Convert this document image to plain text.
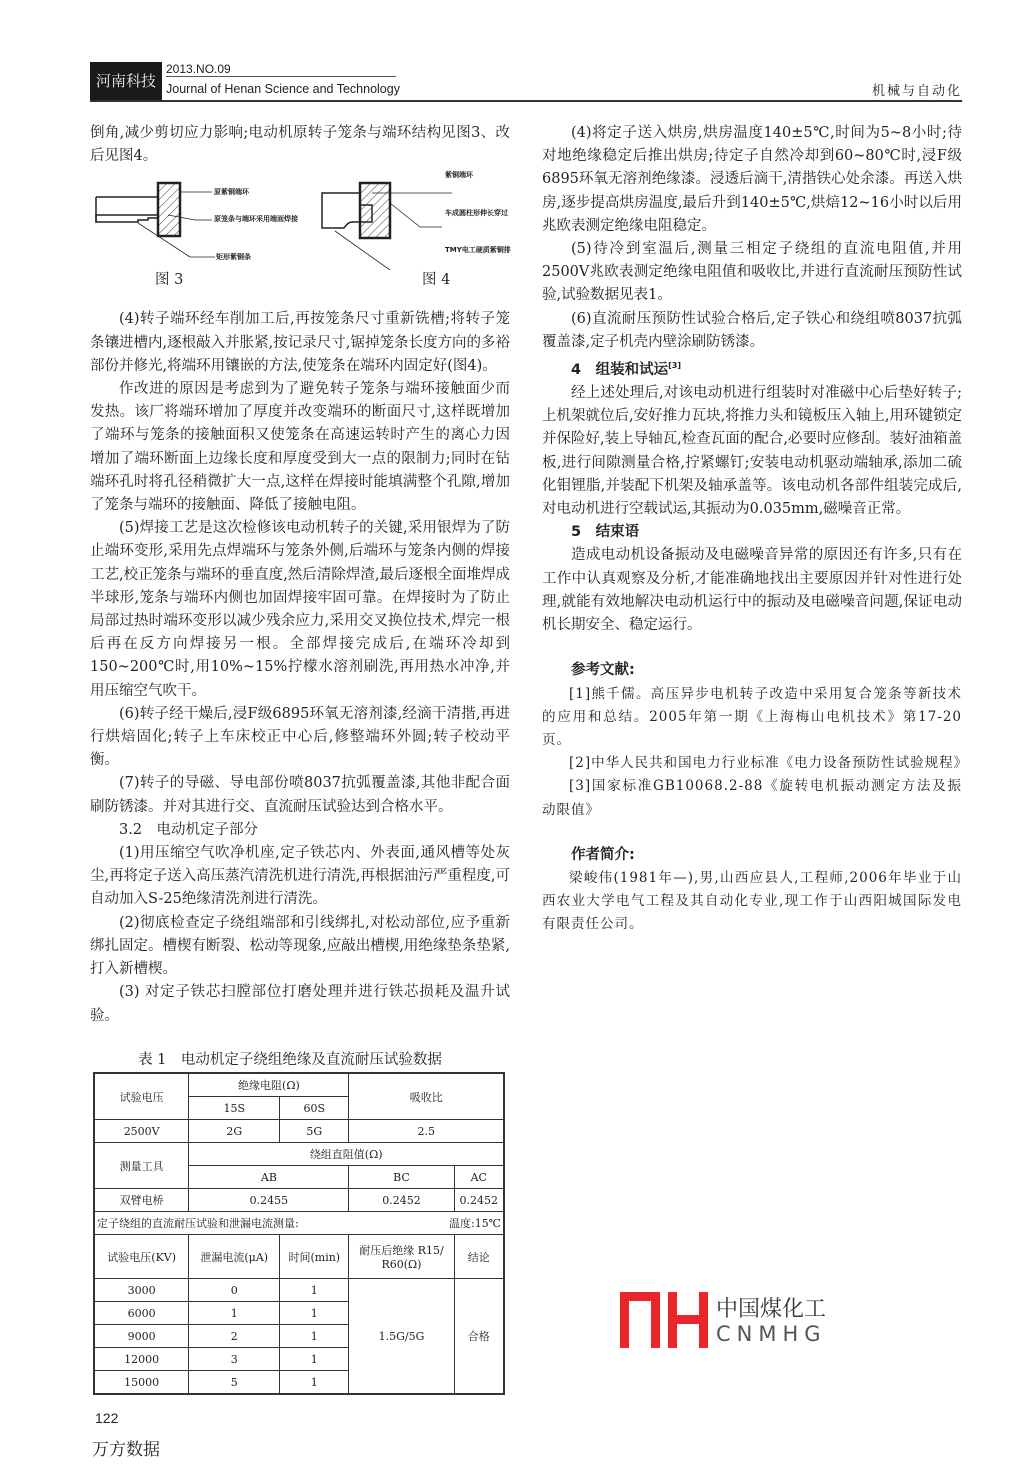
河南科技
2013.NO.09
Journal of Henan Science and Technology	机械与自动化

倒角,减少剪切应力影响;电动机原转子笼条与端环结构见图3、改后见图4。

(4)转子端环经车削加工后,再按笼条尺寸重新铣槽;将转子笼条镶进槽内,逐根敲入并胀紧,按记录尺寸,锯掉笼条长度方向的多裕部份并修光,将端环用镶嵌的方法,使笼条在端环内固定好(图4)。

作改进的原因是考虑到为了避免转子笼条与端环接触面少而发热。该厂将端环增加了厚度并改变端环的断面尺寸,这样既增加了端环与笼条的接触面积又使笼条在高速运转时产生的离心力因增加了端环断面上边缘长度和厚度受到大一点的限制力;同时在钻端环孔时将孔径稍微扩大一点,这样在焊接时能填满整个孔隙,增加了笼条与端环的接触面、降低了接触电阻。

(5)焊接工艺是这次检修该电动机转子的关键,采用银焊为了防止端环变形,采用先点焊端环与笼条外侧,后端环与笼条内侧的焊接工艺,校正笼条与端环的垂直度,然后清除焊渣,最后逐根全面堆焊成半球形,笼条与端环内侧也加固焊接牢固可靠。在焊接时为了防止局部过热时端环变形以减少残余应力,采用交叉换位技术,焊完一根后再在反方向焊接另一根。全部焊接完成后,在端环冷却到150~200℃时,用10%~15%拧檬水溶剂刷洗,再用热水冲净,并用压缩空气吹干。

(6)转子经干燥后,浸F级6895环氧无溶剂漆,经滴干清揩,再进行烘焙固化;转子上车床校正中心后,修整端环外圆;转子校动平衡。

(7)转子的导磁、导电部份喷8037抗弧覆盖漆,其他非配合面刷防锈漆。并对其进行交、直流耐压试验达到合格水平。

3.2　电动机定子部分

(1)用压缩空气吹净机座,定子铁芯内、外表面,通风槽等处灰尘,再将定子送入高压蒸汽清洗机进行清洗,再根据油污严重程度,可自动加入S-25绝缘清洗剂进行清洗。

(2)彻底检查定子绕组端部和引线绑扎,对松动部位,应予重新绑扎固定。槽楔有断裂、松动等现象,应敲出槽楔,用绝缘垫条垫紧,打入新槽楔。

(3) 对定子铁芯扫膛部位打磨处理并进行铁芯损耗及温升试验。

原紫铜端环
原笼条与端环采用端面焊接
矩形紫铜条
紫铜端环
车成圆柱形伸长穿过
TMY电工硬质紫铜排
图 3	图 4
表 1　电动机定子绕组绝缘及直流耐压试验数据
试验电压	绝缘电阻(Ω)		吸收比	
	15S	60S		
2500V	2G	5G	2.5	
测量工具	绕组直阻值(Ω)			
	AB		BC	AC
双臂电桥	0.2455		0.2452	0.2452
定子绕组的直流耐压试验和泄漏电流测量: 温度:15℃				

试验电压(KV)	泄漏电流(μA)	时间(min)	耐压后绝缘 R15/ R60(Ω)	结论
3000	0	1	1.5G/5G	合格
6000	1	1		
9000	2	1		
12000	3	1		
15000	5	1		

(4)将定子送入烘房,烘房温度140±5℃,时间为5~8小时;待对地绝缘稳定后推出烘房;待定子自然冷却到60~80℃时,浸F级6895环氧无溶剂绝缘漆。浸透后滴干,清揩铁心处余漆。再送入烘房,逐步提高烘房温度,最后升到140±5℃,烘焙12~16小时以后用兆欧表测定绝缘电阻稳定。

(5)待冷到室温后,测量三相定子绕组的直流电阻值,并用2500V兆欧表测定绝缘电阻值和吸收比,并进行直流耐压预防性试验,试验数据见表1。

(6)直流耐压预防性试验合格后,定子铁心和绕组喷8037抗弧覆盖漆,定子机壳内壁涂刷防锈漆。

4　组装和试运[3]

经上述处理后,对该电动机进行组装时对准磁中心后垫好转子;上机架就位后,安好推力瓦块,将推力头和镜板压入轴上,用环键锁定并保险好,装上导轴瓦,检查瓦面的配合,必要时应修刮。装好油箱盖板,进行间隙测量合格,拧紧螺钉;安装电动机驱动端轴承,添加二硫化钼锂脂,并装配下机架及轴承盖等。该电动机各部件组装完成后,对电动机进行空载试运,其振动为0.035mm,磁噪音正常。

5　结束语

造成电动机设备振动及电磁噪音异常的原因还有许多,只有在工作中认真观察及分析,才能准确地找出主要原因并针对性进行处理,就能有效地解决电动机运行中的振动及电磁噪音问题,保证电动机长期安全、稳定运行。

参考文献:

[1]熊千儒。高压异步电机转子改造中采用复合笼条等新技术的应用和总结。2005年第一期《上海梅山电机技术》第17-20页。

[2]中华人民共和国电力行业标准《电力设备预防性试验规程》

[3]国家标准GB10068.2-88《旋转电机振动测定方法及振动限值》

作者简介:

梁峻伟(1981年—),男,山西应县人,工程师,2006年毕业于山西农业大学电气工程及其自动化专业,现工作于山西阳城国际发电有限责任公司。

中国煤化工
CNMHG
122
万方数据
